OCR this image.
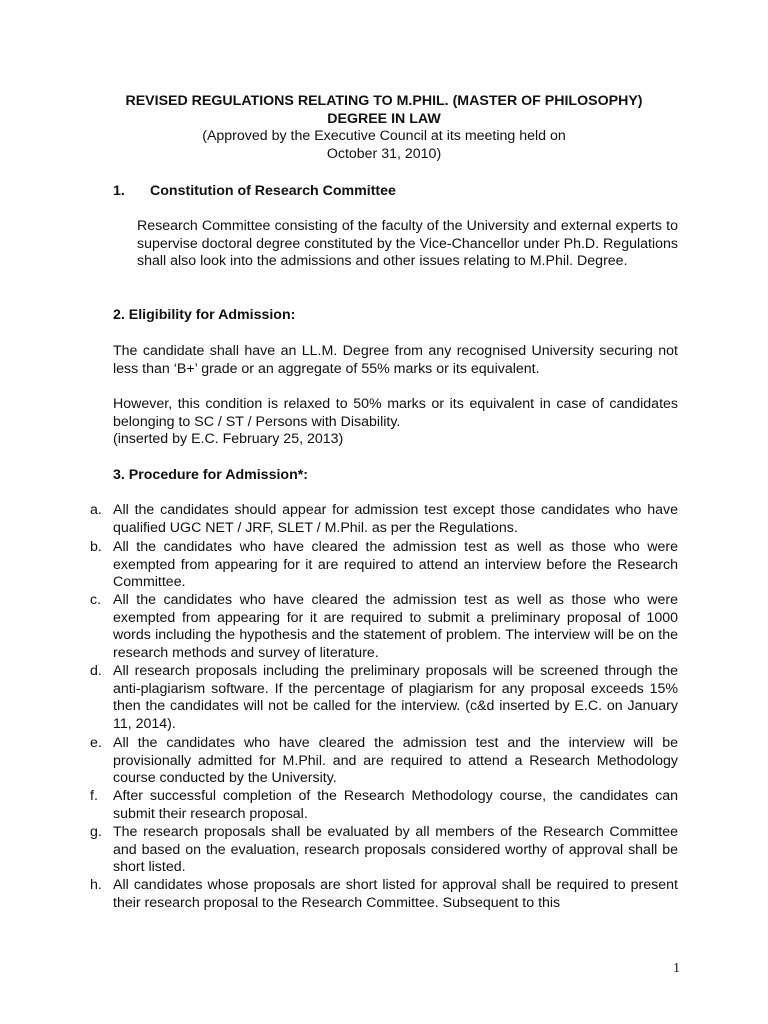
REVISED REGULATIONS RELATING TO M.PHIL. (MASTER OF PHILOSOPHY)
DEGREE IN LAW
(Approved by the Executive Council at its meeting held on
October 31, 2010)
1. Constitution of Research Committee
Research Committee consisting of the faculty of the University and external experts to supervise doctoral degree constituted by the Vice-Chancellor under Ph.D. Regulations shall also look into the admissions and other issues relating to M.Phil. Degree.
2. Eligibility for Admission:
The candidate shall have an LL.M. Degree from any recognised University securing not less than ‘B+’ grade or an aggregate of 55% marks or its equivalent.
However, this condition is relaxed to 50% marks or its equivalent in case of candidates belonging to SC / ST / Persons with Disability.
(inserted by E.C. February 25, 2013)
3. Procedure for Admission*:
a. All the candidates should appear for admission test except those candidates who have qualified UGC NET / JRF, SLET / M.Phil. as per the Regulations.
b. All the candidates who have cleared the admission test as well as those who were exempted from appearing for it are required to attend an interview before the Research Committee.
c. All the candidates who have cleared the admission test as well as those who were exempted from appearing for it are required to submit a preliminary proposal of 1000 words including the hypothesis and the statement of problem. The interview will be on the research methods and survey of literature.
d. All research proposals including the preliminary proposals will be screened through the anti-plagiarism software. If the percentage of plagiarism for any proposal exceeds 15% then the candidates will not be called for the interview. (c&d inserted by E.C. on January 11, 2014).
e. All the candidates who have cleared the admission test and the interview will be provisionally admitted for M.Phil. and are required to attend a Research Methodology course conducted by the University.
f.	After successful completion of the Research Methodology course, the candidates can submit their research proposal.
g. The research proposals shall be evaluated by all members of the Research Committee and based on the evaluation, research proposals considered worthy of approval shall be short listed.
h. All candidates whose proposals are short listed for approval shall be required to present their research proposal to the Research Committee. Subsequent to this
1
